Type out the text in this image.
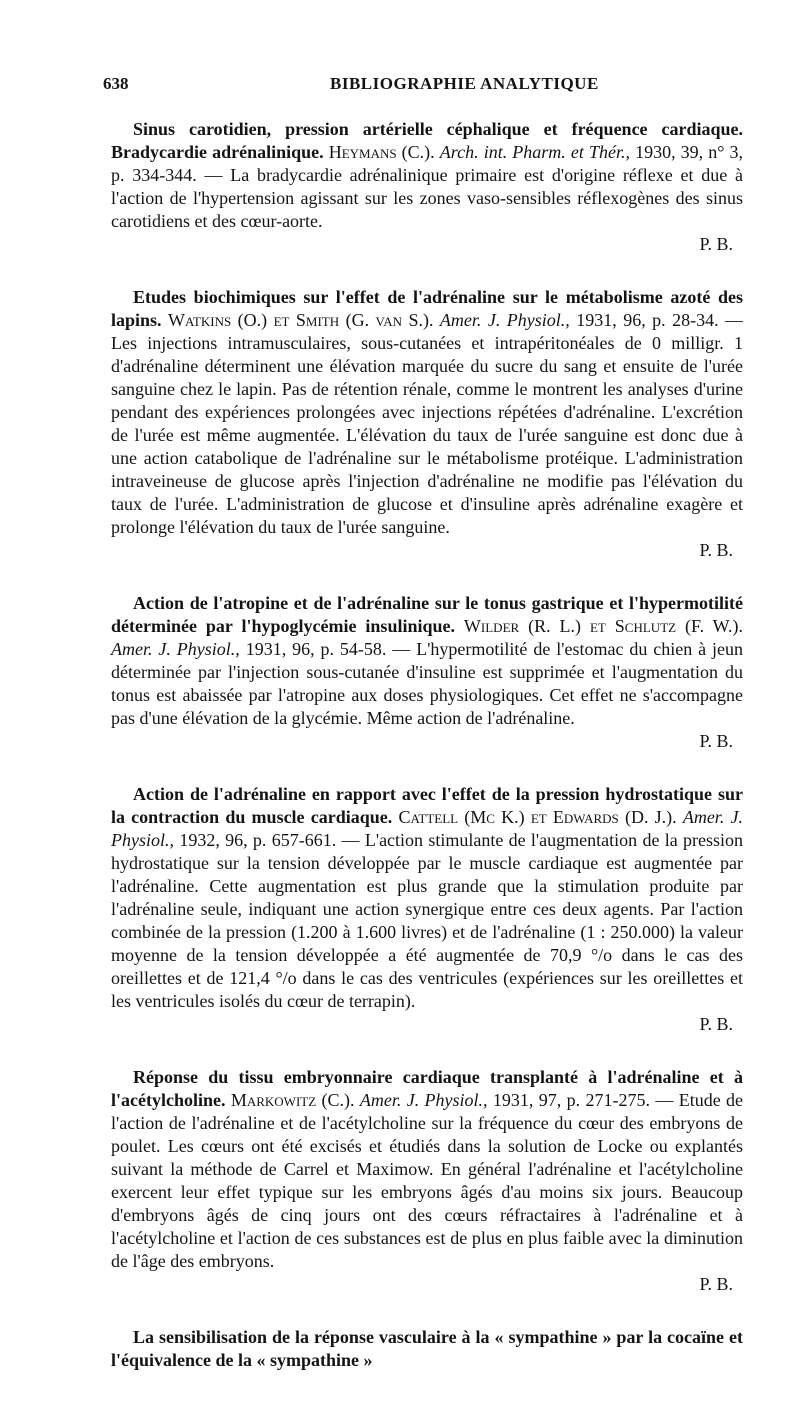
638	BIBLIOGRAPHIE ANALYTIQUE

Sinus carotidien, pression artérielle céphalique et fréquence cardiaque. Bradycardie adrénalinique. Heymans (C.). Arch. int. Pharm. et Thér., 1930, 39, n° 3, p. 334-344. — La bradycardie adrénalinique primaire est d'origine réflexe et due à l'action de l'hypertension agissant sur les zones vaso-sensibles réflexogènes des sinus carotidiens et des cœur-aorte.
P. B.

Etudes biochimiques sur l'effet de l'adrénaline sur le métabolisme azoté des lapins. Watkins (O.) et Smith (G. van S.). Amer. J. Physiol., 1931, 96, p. 28-34. — Les injections intramusculaires, sous-cutanées et intrapéritonéales de 0 milligr. 1 d'adrénaline déterminent une élévation marquée du sucre du sang et ensuite de l'urée sanguine chez le lapin. Pas de rétention rénale, comme le montrent les analyses d'urine pendant des expériences prolongées avec injections répétées d'adrénaline. L'excrétion de l'urée est même augmentée. L'élévation du taux de l'urée sanguine est donc due à une action catabolique de l'adrénaline sur le métabolisme protéique. L'administration intraveineuse de glucose après l'injection d'adrénaline ne modifie pas l'élévation du taux de l'urée. L'administration de glucose et d'insuline après adrénaline exagère et prolonge l'élévation du taux de l'urée sanguine.
P. B.

Action de l'atropine et de l'adrénaline sur le tonus gastrique et l'hypermotilité déterminée par l'hypoglycémie insulinique. Wilder (R. L.) et Schlutz (F. W.). Amer. J. Physiol., 1931, 96, p. 54-58. — L'hypermotilité de l'estomac du chien à jeun déterminée par l'injection sous-cutanée d'insuline est supprimée et l'augmentation du tonus est abaissée par l'atropine aux doses physiologiques. Cet effet ne s'accompagne pas d'une élévation de la glycémie. Même action de l'adrénaline.
P. B.

Action de l'adrénaline en rapport avec l'effet de la pression hydrostatique sur la contraction du muscle cardiaque. Cattell (Mc K.) et Edwards (D. J.). Amer. J. Physiol., 1932, 96, p. 657-661. — L'action stimulante de l'augmentation de la pression hydrostatique sur la tension développée par le muscle cardiaque est augmentée par l'adrénaline. Cette augmentation est plus grande que la stimulation produite par l'adrénaline seule, indiquant une action synergique entre ces deux agents. Par l'action combinée de la pression (1.200 à 1.600 livres) et de l'adrénaline (1 : 250.000) la valeur moyenne de la tension développée a été augmentée de 70,9 °/o dans le cas des oreillettes et de 121,4 °/o dans le cas des ventricules (expériences sur les oreillettes et les ventricules isolés du cœur de terrapin).
P. B.

Réponse du tissu embryonnaire cardiaque transplanté à l'adrénaline et à l'acétylcholine. Markowitz (C.). Amer. J. Physiol., 1931, 97, p. 271-275. — Etude de l'action de l'adrénaline et de l'acétylcholine sur la fréquence du cœur des embryons de poulet. Les cœurs ont été excisés et étudiés dans la solution de Locke ou explantés suivant la méthode de Carrel et Maximow. En général l'adrénaline et l'acétylcholine exercent leur effet typique sur les embryons âgés d'au moins six jours. Beaucoup d'embryons âgés de cinq jours ont des cœurs réfractaires à l'adrénaline et à l'acétylcholine et l'action de ces substances est de plus en plus faible avec la diminution de l'âge des embryons.
P. B.

La sensibilisation de la réponse vasculaire à la « sympathine » par la cocaïne et l'équivalence de la « sympathine »
